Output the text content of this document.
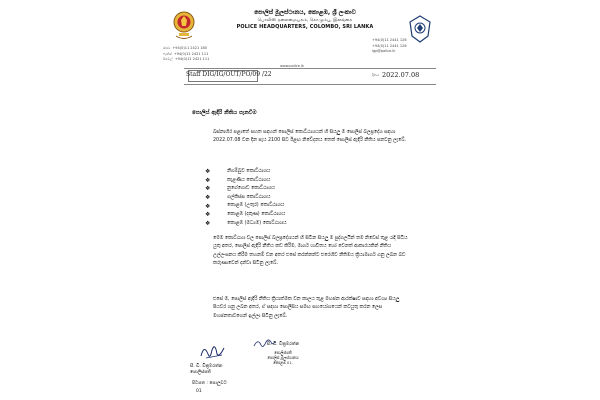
පොලිස් මූලස්ථානය, කොළඹ, ශ්‍රී ලංකාව
பொலிஸ் தலைமையகம், கொழும்பு, இலங்கை
POLICE HEADQUARTERS, COLOMBO, SRI LANKA
රාජ්‍ය +94(0)11 2421 180
ෆැක්ස් +94(0)11 2421 111
ඊමේල් +94(0)11 2421 111
+94(0)11 2441 126
+94(0)11 2441 126
igp@police.lk
www.police.lk
Staff DIG/IG/OUT/PO/09 /22	දිනය 2022.07.08
පොලිස් ඇඳිරි නීතිය පැනවීම
බස්නාහිර පළාතේ පහත සඳහන් පොලිස් කොට්ඨාශයන් හි සියලු ම පොලිස් බලප්‍රදේශ සඳහා 2022.07.08 වන දින පැය 2100 සිට ඊළඟ නිවේදනය තෙක් පොලිස් ඇඳිරි නීතිය පනවනු ලැබේ.
❖	නීගම්බුව කොට්ඨාශය
❖	කැළණිය කොට්ඨාශය
❖	නුගේගොඩ කොට්ඨාශය
❖	ගල්කිස්ස කොට්ඨාශය
❖	කොළඹ (උතුර) කොට්ඨාශය
❖	කොළඹ (දකුණ) කොට්ඨාශය
❖	කොළඹ (මධ්‍යම) කොට්ඨාශය
මෙම කොට්ඨාශ වල පොලිස් බලප්‍රදේශයන් හි සිටින සියලු ම පුද්ගලයින් තම නිවෙස් තුළ රැඳී සිටිය යුතු අතර, පොලිස් ඇඳිරි නීතිය කඩ කිරීම, මාර්ග භාවිතය හෝ වෙනත් ආකාරයකින් නීතිය උල්ලංඝනය කිරීම තහනම් වන අතර එසේ කරන්නන්ට එරෙහිව නීතිමය ක්‍රියාමාර්ග ගනු ලබන බව කරුණාවෙන් දන්වා සිටිනු ලැබේ.
එසේ ම, පොලිස් ඇඳිරි නීතිය ක්‍රියාත්මක වන කාලය තුළ මහජන ආරක්ෂාව සඳහා අවශ්‍ය සියලු පියවර ගනු ලබන අතර, ඒ සඳහා පොලිසිය සමඟ සහයෝගයෙන් කටයුතු කරන ලෙස මහජනතාවගෙන් ඉල්ලා සිටිනු ලැබේ.
සී. ඩී. වික්‍රමරත්න
පොලිස්පති
සී. ඩී. වික්‍රමරත්න
පොලිස්පති
පොලිස් මූලස්ථානය
කොළඹ 01.
පිටපත : පොලුවට
01
